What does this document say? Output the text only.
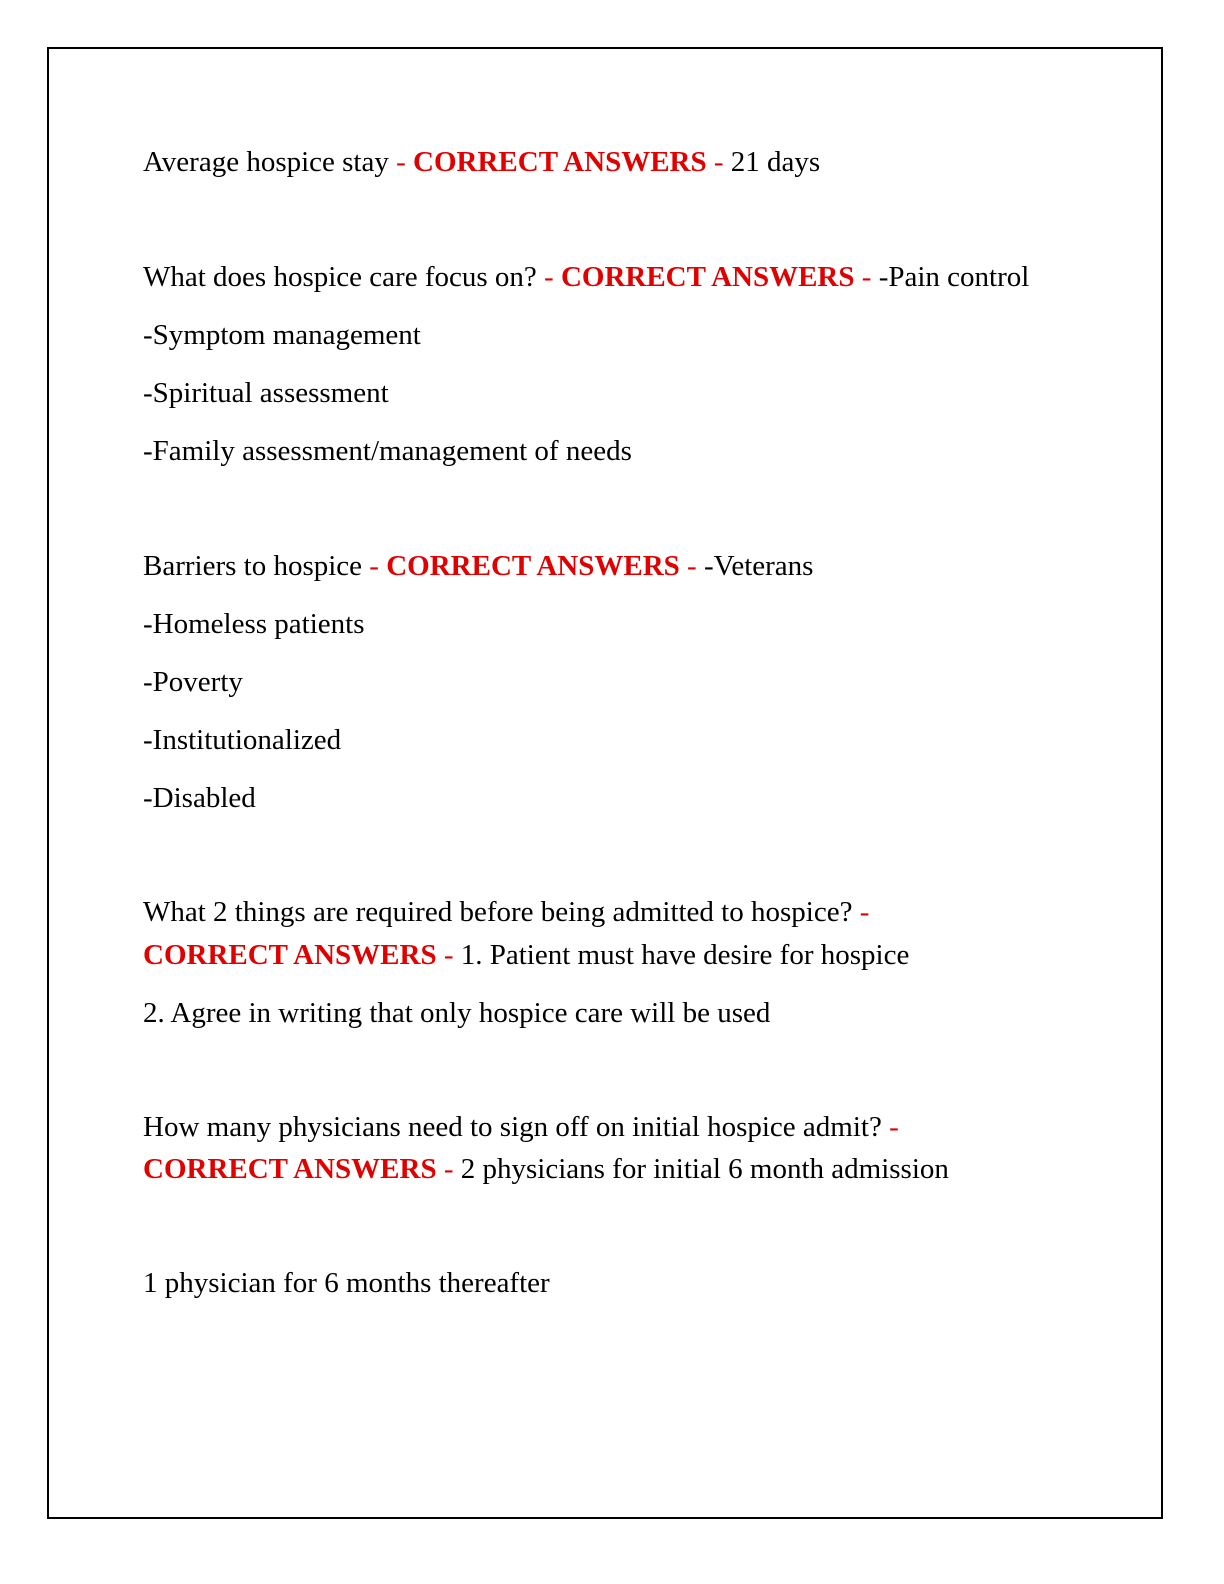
Average hospice stay - CORRECT ANSWERS - 21 days
What does hospice care focus on? - CORRECT ANSWERS - -Pain control
-Symptom management
-Spiritual assessment
-Family assessment/management of needs
Barriers to hospice - CORRECT ANSWERS - -Veterans
-Homeless patients
-Poverty
-Institutionalized
-Disabled
What 2 things are required before being admitted to hospice? -
CORRECT ANSWERS - 1. Patient must have desire for hospice
2. Agree in writing that only hospice care will be used
How many physicians need to sign off on initial hospice admit? -
CORRECT ANSWERS - 2 physicians for initial 6 month admission
1 physician for 6 months thereafter
